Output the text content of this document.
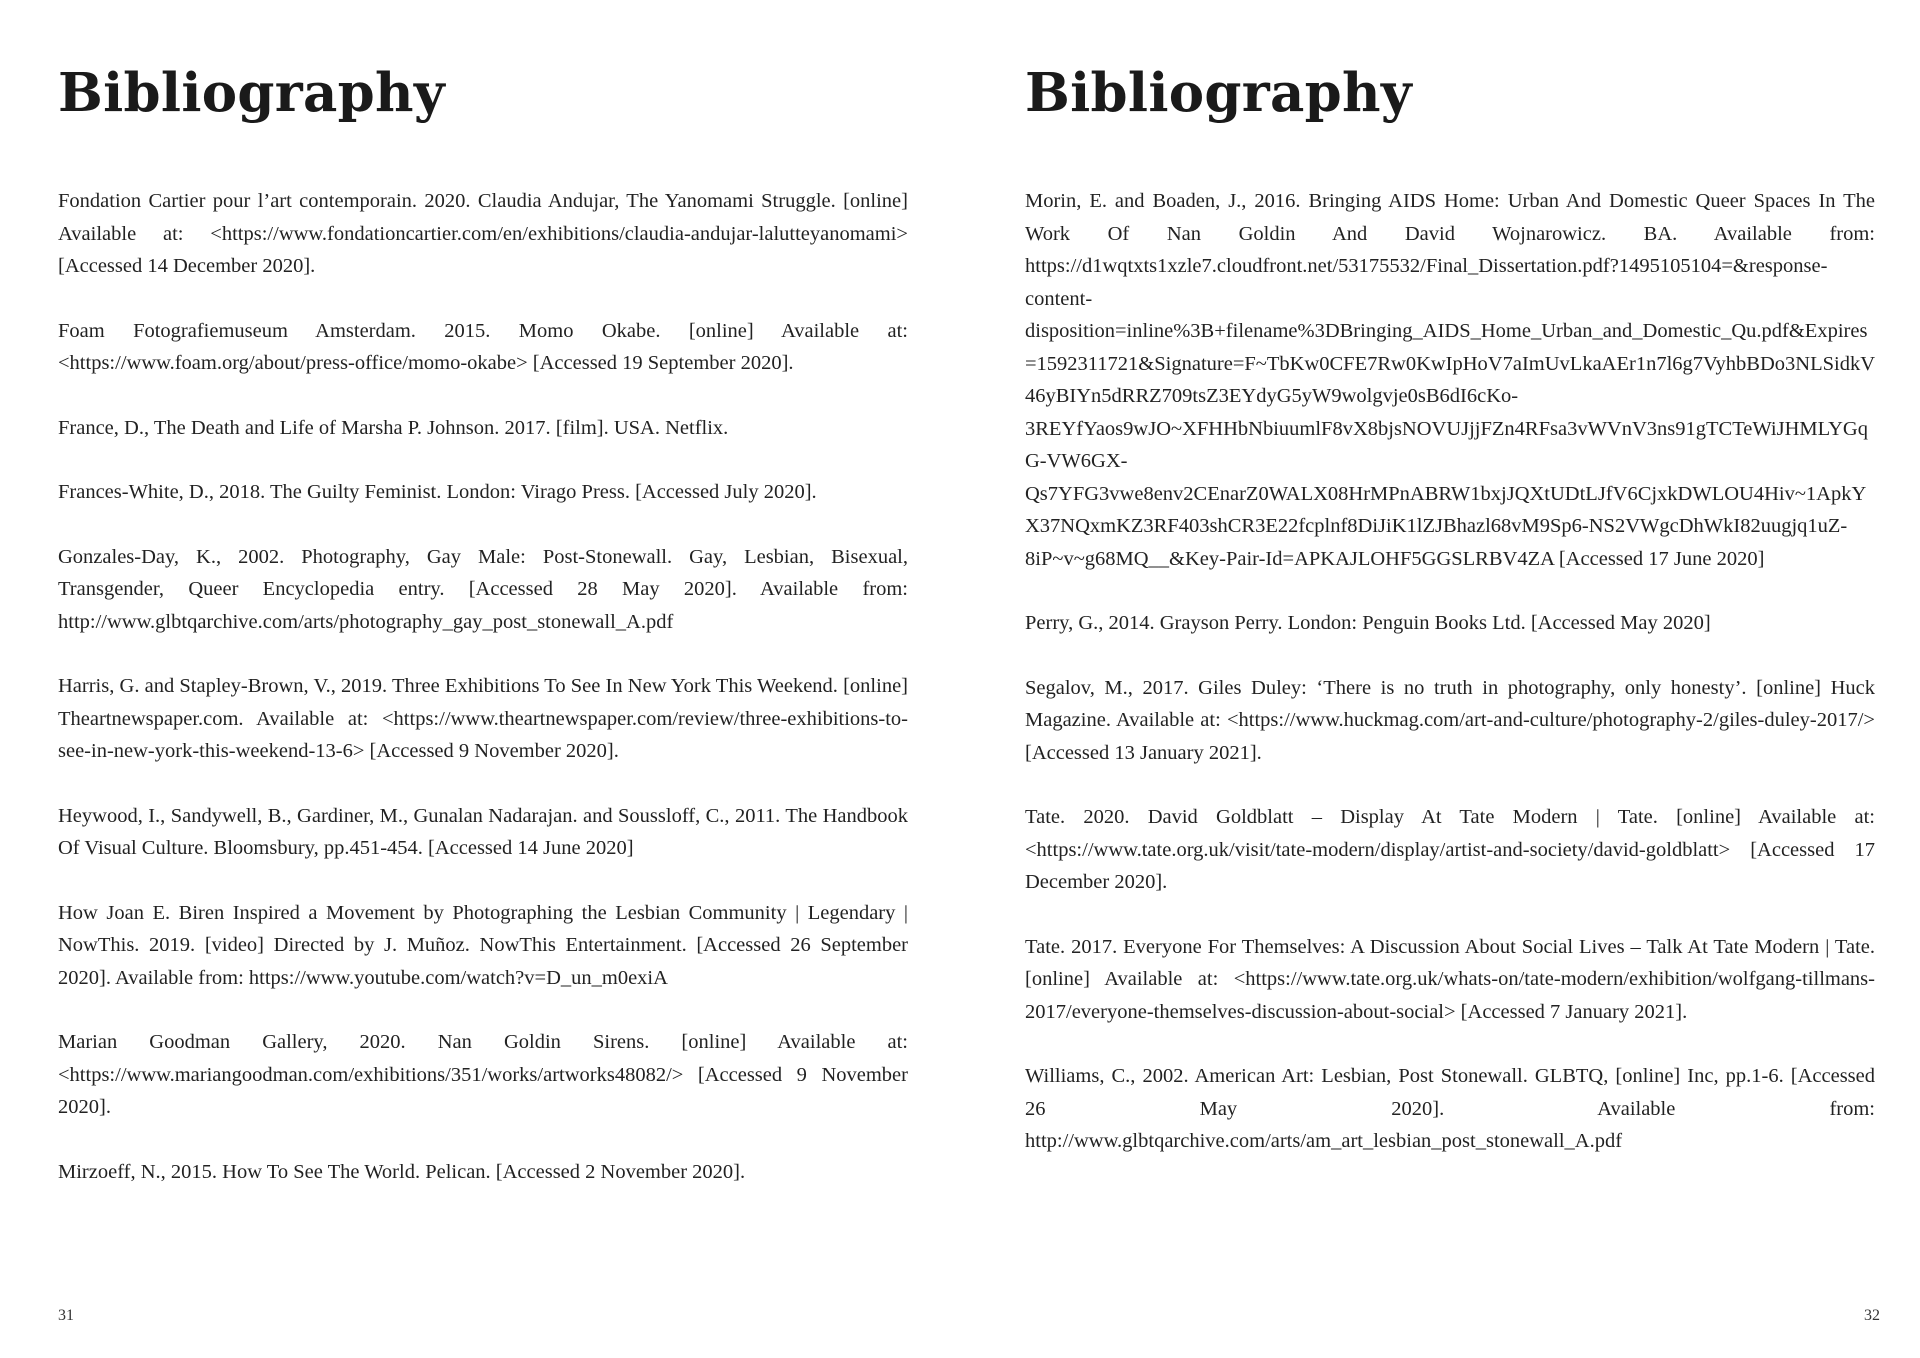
Bibliography

Fondation Cartier pour l’art contemporain. 2020. Claudia Andujar, The Yanomami Struggle. [online] Available at: <https://www.fondationcartier.com/en/exhibitions/claudia-andujar-lalutteyanomami> [Accessed 14 December 2020].

Foam Fotografiemuseum Amsterdam. 2015. Momo Okabe. [online] Available at: <https://www.foam.org/about/press-office/momo-okabe> [Accessed 19 September 2020].

France, D., The Death and Life of Marsha P. Johnson. 2017. [film]. USA. Netflix.

Frances-White, D., 2018. The Guilty Feminist. London: Virago Press. [Accessed July 2020].

Gonzales-Day, K., 2002. Photography, Gay Male: Post-Stonewall. Gay, Lesbian, Bisexual, Transgender, Queer Encyclopedia entry. [Accessed 28 May 2020]. Available from: http://www.glbtqarchive.com/arts/photography_gay_post_stonewall_A.pdf

Harris, G. and Stapley-Brown, V., 2019. Three Exhibitions To See In New York This Weekend. [online] Theartnewspaper.com. Available at: <https://www.theartnewspaper.com/review/three-exhibitions-to-see-in-new-york-this-weekend-13-6> [Accessed 9 November 2020].

Heywood, I., Sandywell, B., Gardiner, M., Gunalan Nadarajan. and Soussloff, C., 2011. The Handbook Of Visual Culture. Bloomsbury, pp.451-454. [Accessed 14 June 2020]

How Joan E. Biren Inspired a Movement by Photographing the Lesbian Community | Legendary | NowThis. 2019. [video] Directed by J. Muñoz. NowThis Entertainment. [Accessed 26 September 2020]. Available from: https://www.youtube.com/watch?v=D_un_m0exiA

Marian Goodman Gallery, 2020. Nan Goldin Sirens. [online] Available at: <https://www.mariangoodman.com/exhibitions/351/works/artworks48082/> [Accessed 9 November 2020].

Mirzoeff, N., 2015. How To See The World. Pelican. [Accessed 2 November 2020].

31
Bibliography

Morin, E. and Boaden, J., 2016. Bringing AIDS Home: Urban And Domestic Queer Spaces In The Work Of Nan Goldin And David Wojnarowicz. BA. Available from: https://d1wqtxts1xzle7.cloudfront.net/53175532/Final_Dissertation.pdf?1495105104=&response-content-disposition=inline%3B+filename%3DBringing_AIDS_Home_Urban_and_Domestic_Qu.pdf&Expires=1592311721&Signature=F~TbKw0CFE7Rw0KwIpHoV7aImUvLkaAEr1n7l6g7VyhbBDo3NLSidkV46yBIYn5dRRZ709tsZ3EYdyG5yW9wolgvje0sB6dI6cKo-3REYfYaos9wJO~XFHHbNbiuumlF8vX8bjsNOVUJjjFZn4RFsa3vWVnV3ns91gTCTeWiJHMLYGqG-VW6GX-Qs7YFG3vwe8env2CEnarZ0WALX08HrMPnABRW1bxjJQXtUDtLJfV6CjxkDWLOU4Hiv~1ApkYX37NQxmKZ3RF403shCR3E22fcplnf8DiJiK1lZJBhazl68vM9Sp6-NS2VWgcDhWkI82uugjq1uZ-8iP~v~g68MQ__&Key-Pair-Id=APKAJLOHF5GGSLRBV4ZA [Accessed 17 June 2020]

Perry, G., 2014. Grayson Perry. London: Penguin Books Ltd. [Accessed May 2020]

Segalov, M., 2017. Giles Duley: ‘There is no truth in photography, only honesty’. [online] Huck Magazine. Available at: <https://www.huckmag.com/art-and-culture/photography-2/giles-duley-2017/> [Accessed 13 January 2021].

Tate. 2020. David Goldblatt – Display At Tate Modern | Tate. [online] Available at: <https://www.tate.org.uk/visit/tate-modern/display/artist-and-society/david-goldblatt> [Accessed 17 December 2020].

Tate. 2017. Everyone For Themselves: A Discussion About Social Lives – Talk At Tate Modern | Tate. [online] Available at: <https://www.tate.org.uk/whats-on/tate-modern/exhibition/wolfgang-tillmans-2017/everyone-themselves-discussion-about-social> [Accessed 7 January 2021].

Williams, C., 2002. American Art: Lesbian, Post Stonewall. GLBTQ, [online] Inc, pp.1-6. [Accessed 26 May 2020]. Available from: http://www.glbtqarchive.com/arts/am_art_lesbian_post_stonewall_A.pdf

32
